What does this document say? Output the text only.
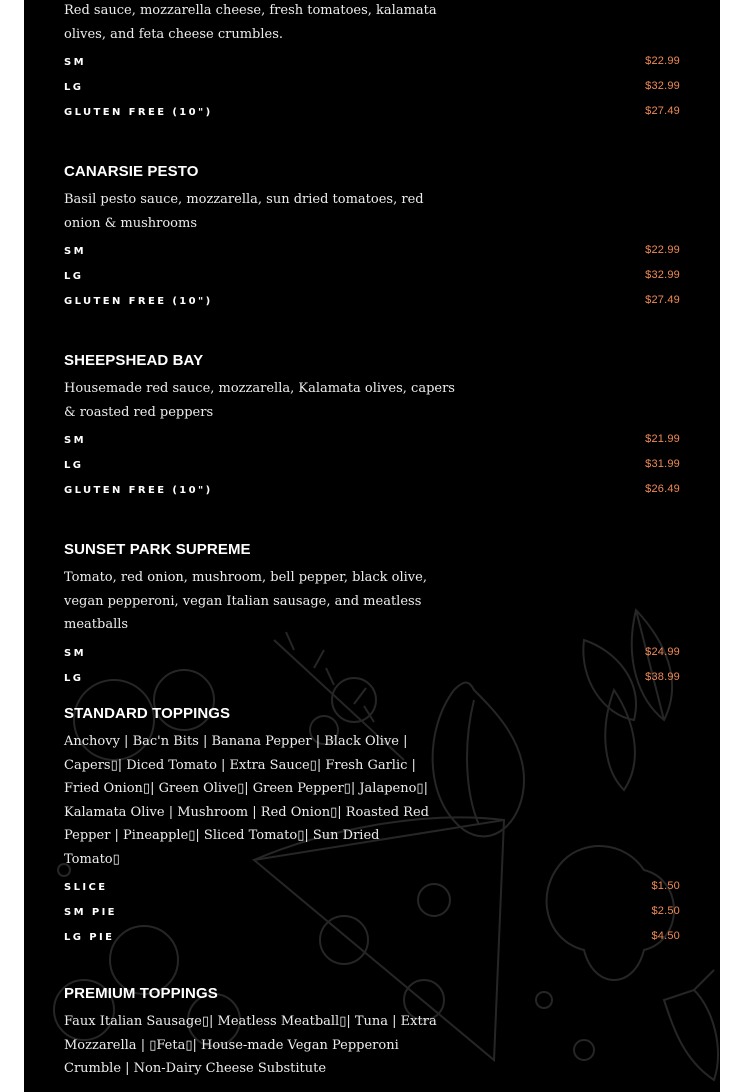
Red sauce, mozzarella cheese, fresh tomatoes, kalamata olives, and feta cheese crumbles.

SM	$22.99
LG	$32.99
GLUTEN FREE (10")	$27.49
CANARSIE PESTO

Basil pesto sauce, mozzarella, sun dried tomatoes, red onion & mushrooms

SM	$22.99
LG	$32.99
GLUTEN FREE (10")	$27.49
SHEEPSHEAD BAY

Housemade red sauce, mozzarella, Kalamata olives, capers & roasted red peppers

SM	$21.99
LG	$31.99
GLUTEN FREE (10")	$26.49
SUNSET PARK SUPREME

Tomato, red onion, mushroom, bell pepper, black olive, vegan pepperoni, vegan Italian sausage, and meatless meatballs

SM	$24.99
LG	$38.99
STANDARD TOPPINGS

Anchovy | Bac'n Bits | Banana Pepper | Black Olive | Capers▯| Diced Tomato | Extra Sauce▯| Fresh Garlic | Fried Onion▯| Green Olive▯| Green Pepper▯| Jalapeno▯| Kalamata Olive | Mushroom | Red Onion▯| Roasted Red Pepper | Pineapple▯| Sliced Tomato▯| Sun Dried Tomato▯

SLICE	$1.50
SM PIE	$2.50
LG PIE	$4.50
PREMIUM TOPPINGS

Faux Italian Sausage▯| Meatless Meatball▯| Tuna | Extra Mozzarella | ▯Feta▯| House-made Vegan Pepperoni Crumble | Non-Dairy Cheese Substitute
